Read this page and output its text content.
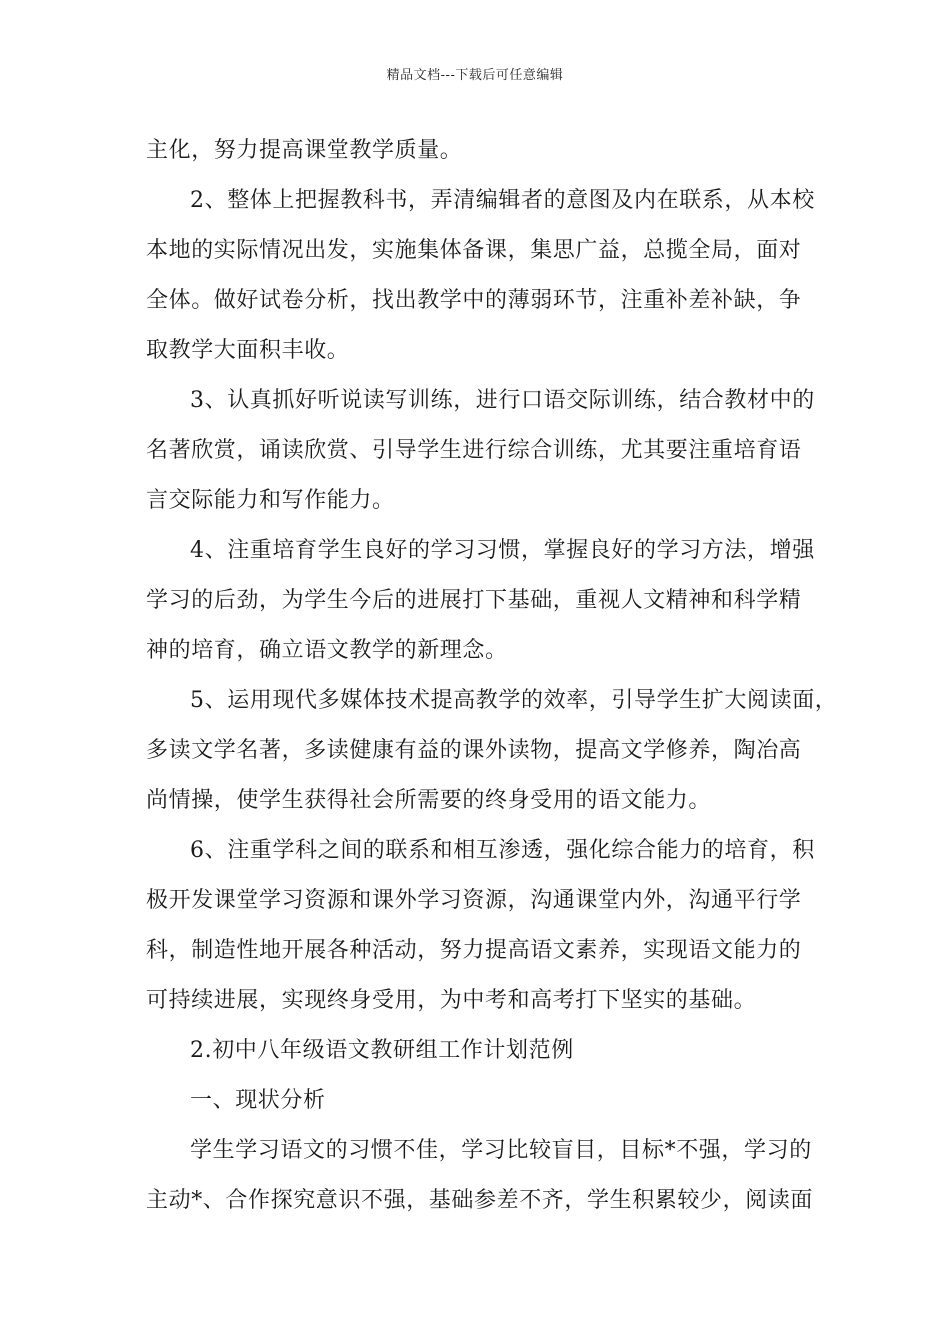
精品文档---下载后可任意编辑
主化，努力提高课堂教学质量。
2、整体上把握教科书，弄清编辑者的意图及内在联系，从本校
本地的实际情况出发，实施集体备课，集思广益，总揽全局，面对
全体。做好试卷分析，找出教学中的薄弱环节，注重补差补缺，争
取教学大面积丰收。
3、认真抓好听说读写训练，进行口语交际训练，结合教材中的
名著欣赏，诵读欣赏、引导学生进行综合训练，尤其要注重培育语
言交际能力和写作能力。
4、注重培育学生良好的学习习惯，掌握良好的学习方法，增强
学习的后劲，为学生今后的进展打下基础，重视人文精神和科学精
神的培育，确立语文教学的新理念。
5、运用现代多媒体技术提高教学的效率，引导学生扩大阅读面，
多读文学名著，多读健康有益的课外读物，提高文学修养，陶冶高
尚情操，使学生获得社会所需要的终身受用的语文能力。
6、注重学科之间的联系和相互渗透，强化综合能力的培育，积
极开发课堂学习资源和课外学习资源，沟通课堂内外，沟通平行学
科，制造性地开展各种活动，努力提高语文素养，实现语文能力的
可持续进展，实现终身受用，为中考和高考打下坚实的基础。
2.初中八年级语文教研组工作计划范例
一、现状分析
学生学习语文的习惯不佳，学习比较盲目，目标*不强，学习的
主动*、合作探究意识不强，基础参差不齐，学生积累较少，阅读面
